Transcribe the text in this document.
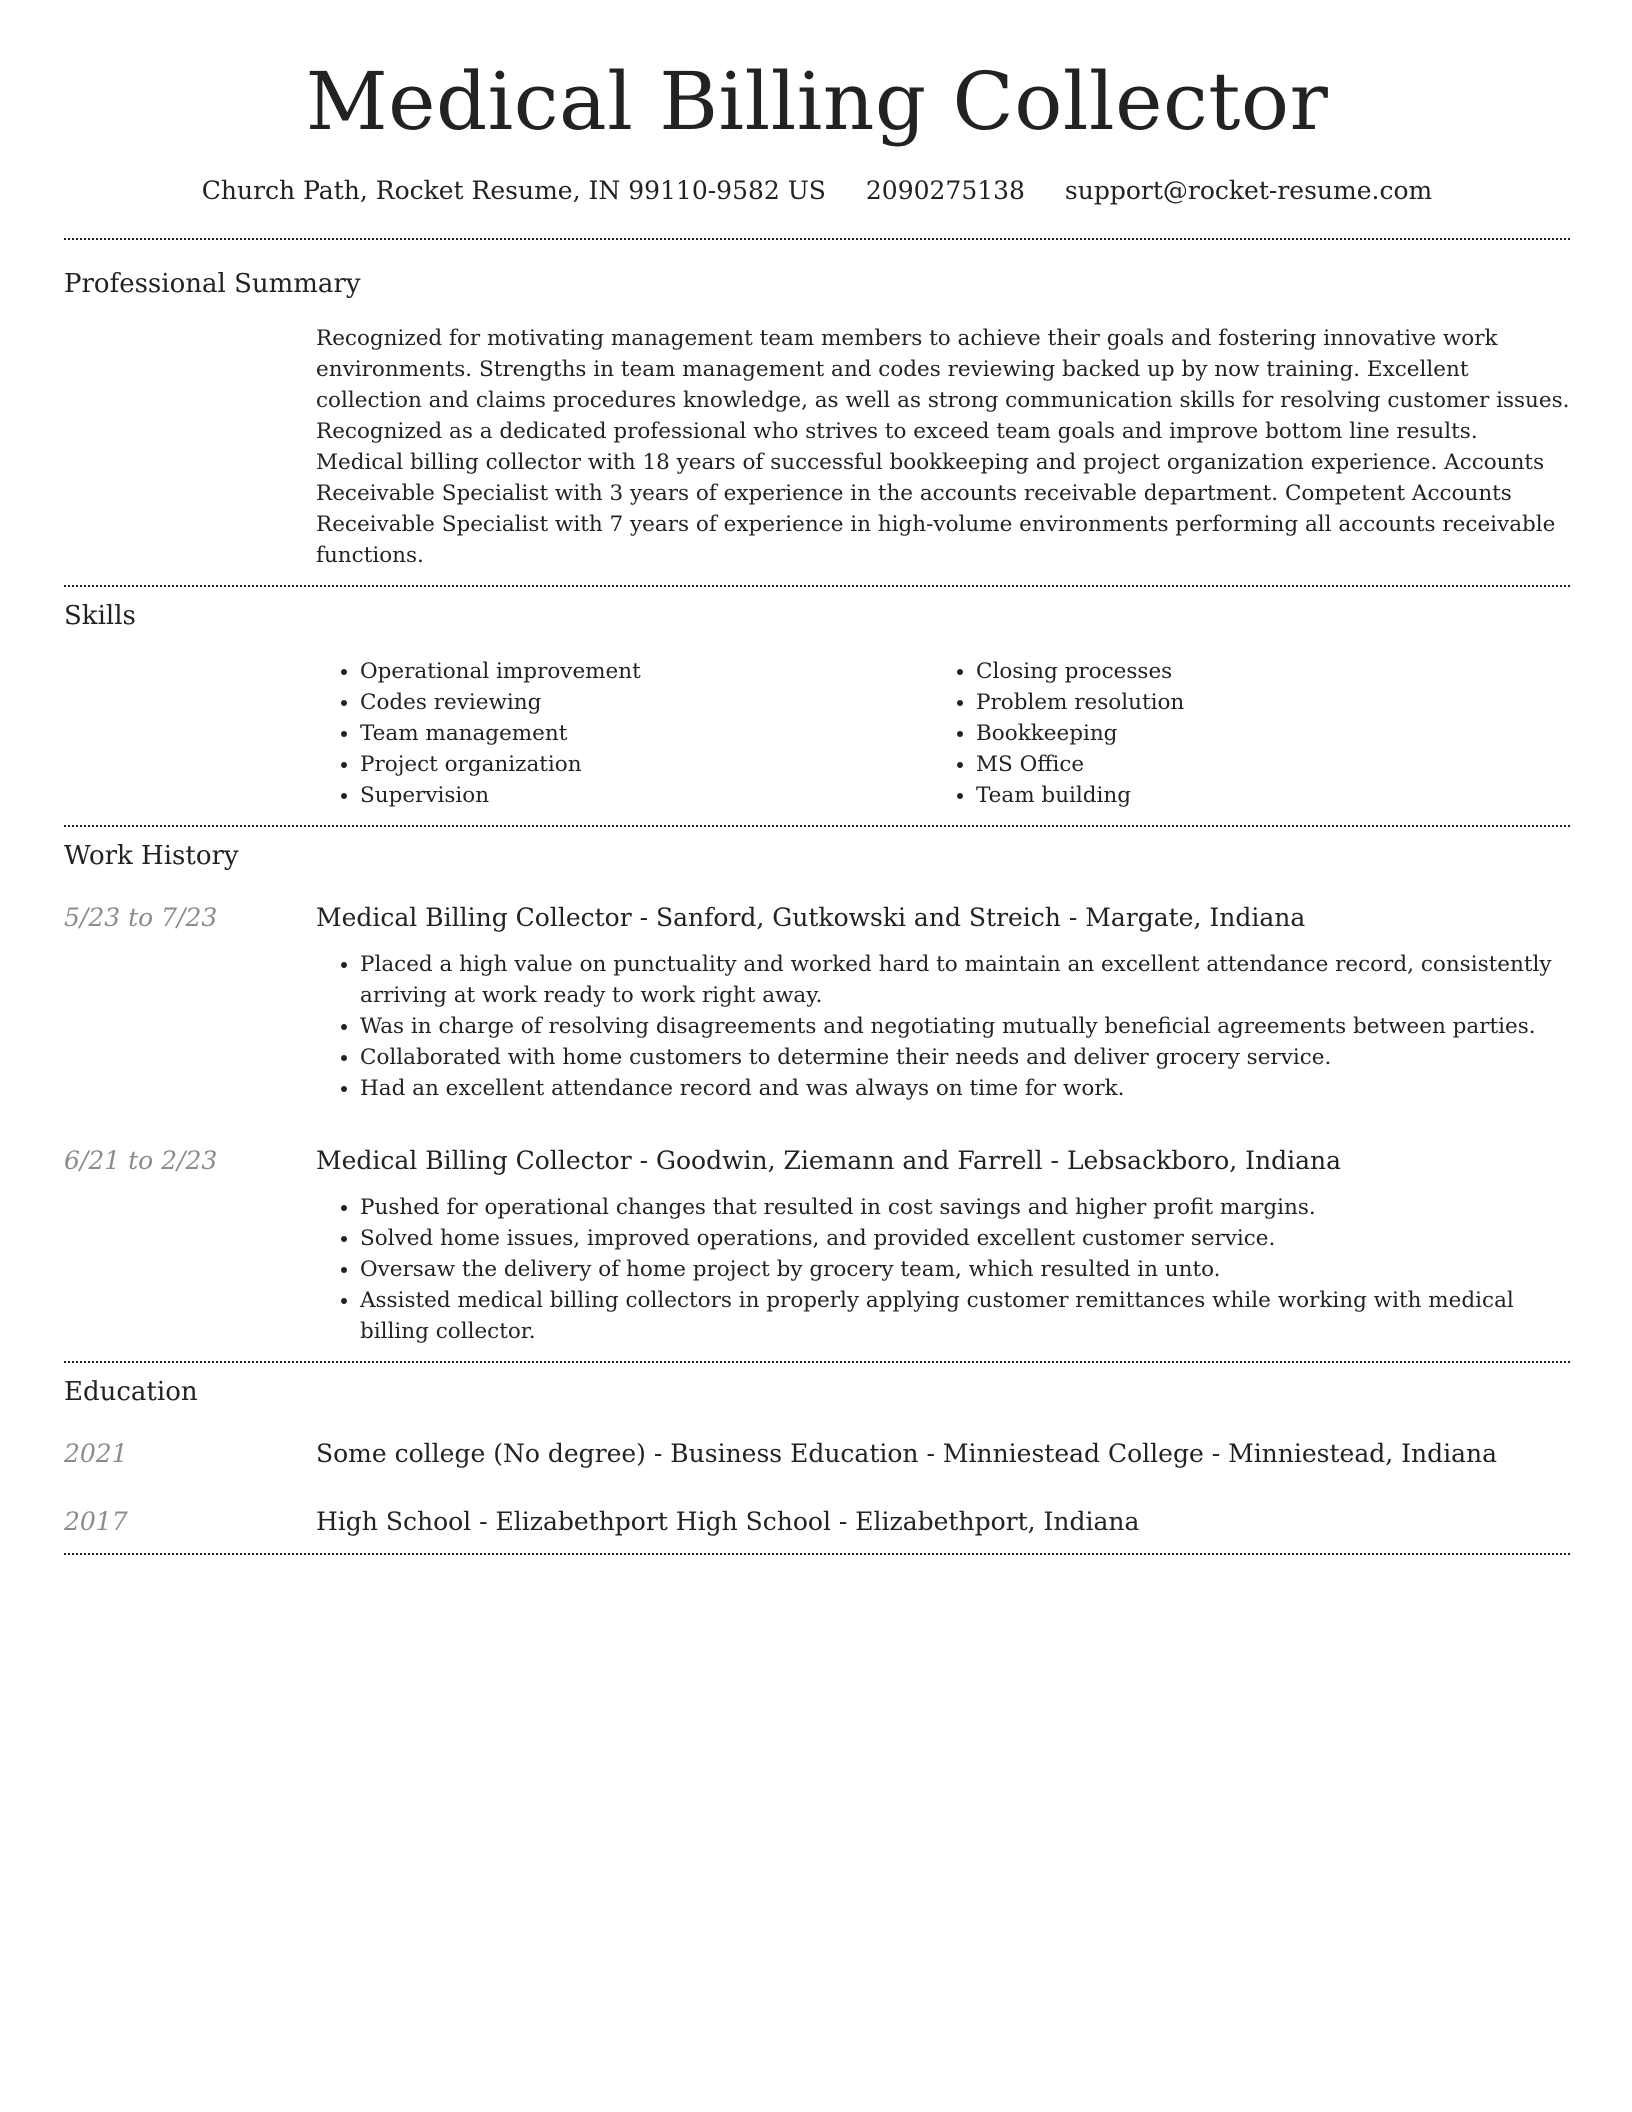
Medical Billing Collector
Church Path, Rocket Resume, IN 99110-9582 US 2090275138 support@rocket-resume.com
Professional Summary
Recognized for motivating management team members to achieve their goals and fostering innovative work environments. Strengths in team management and codes reviewing backed up by now training. Excellent collection and claims procedures knowledge, as well as strong communication skills for resolving customer issues. Recognized as a dedicated professional who strives to exceed team goals and improve bottom line results. Medical billing collector with 18 years of successful bookkeeping and project organization experience. Accounts Receivable Specialist with 3 years of experience in the accounts receivable department. Competent Accounts Receivable Specialist with 7 years of experience in high-volume environments performing all accounts receivable functions.
Skills
• Operational improvement
• Codes reviewing
• Team management
• Project organization
• Supervision
• Closing processes
• Problem resolution
• Bookkeeping
• MS Office
• Team building
Work History
5/23 to 7/23	Medical Billing Collector - Sanford, Gutkowski and Streich - Margate, Indiana
• Placed a high value on punctuality and worked hard to maintain an excellent attendance record, consistently arriving at work ready to work right away.
• Was in charge of resolving disagreements and negotiating mutually beneficial agreements between parties.
• Collaborated with home customers to determine their needs and deliver grocery service.
• Had an excellent attendance record and was always on time for work.
6/21 to 2/23	Medical Billing Collector - Goodwin, Ziemann and Farrell - Lebsackboro, Indiana
• Pushed for operational changes that resulted in cost savings and higher profit margins.
• Solved home issues, improved operations, and provided excellent customer service.
• Oversaw the delivery of home project by grocery team, which resulted in unto.
• Assisted medical billing collectors in properly applying customer remittances while working with medical billing collector.
Education
2021	Some college (No degree) - Business Education - Minniestead College - Minniestead, Indiana
2017	High School - Elizabethport High School - Elizabethport, Indiana
